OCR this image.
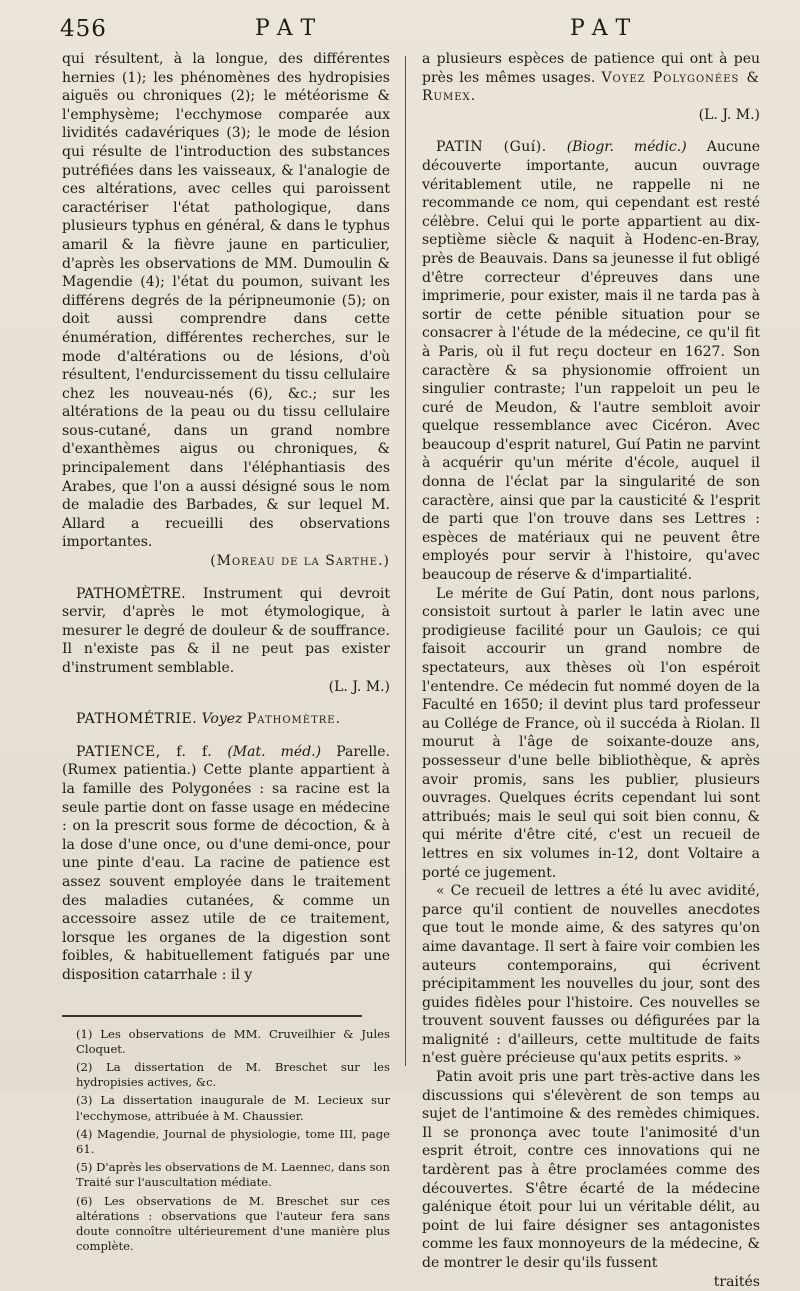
456	PAT	PAT

qui résultent, à la longue, des différentes hernies (1); les phénomènes des hydropisies aiguës ou chroniques (2); le météorisme & l'emphysème; l'ecchymose comparée aux lividités cadavériques (3); le mode de lésion qui résulte de l'introduction des substances putréfiées dans les vaisseaux, & l'analogie de ces altérations, avec celles qui paroissent caractériser l'état pathologique, dans plusieurs typhus en général, & dans le typhus amaril & la fièvre jaune en particulier, d'après les observations de MM. Dumoulin & Magendie (4); l'état du poumon, suivant les différens degrés de la péripneumonie (5); on doit aussi comprendre dans cette énumération, différentes recherches, sur le mode d'altérations ou de lésions, d'où résultent, l'endurcissement du tissu cellulaire chez les nouveau-nés (6), &c.; sur les altérations de la peau ou du tissu cellulaire sous-cutané, dans un grand nombre d'exanthèmes aigus ou chroniques, & principalement dans l'éléphantiasis des Arabes, que l'on a aussi désigné sous le nom de maladie des Barbades, & sur lequel M. Allard a recueilli des observations importantes.

(Moreau de la Sarthe.)

PATHOMÈTRE. Instrument qui devroit servir, d'après le mot étymologique, à mesurer le degré de douleur & de souffrance. Il n'existe pas & il ne peut pas exister d'instrument semblable.

(L. J. M.)

PATHOMÉTRIE. Voyez Pathomètre.

PATIENCE, f. f. (Mat. méd.) Parelle. (Rumex patientia.) Cette plante appartient à la famille des Polygonées : sa racine est la seule partie dont on fasse usage en médecine : on la prescrit sous forme de décoction, & à la dose d'une once, ou d'une demi-once, pour une pinte d'eau. La racine de patience est assez souvent employée dans le traitement des maladies cutanées, & comme un accessoire assez utile de ce traitement, lorsque les organes de la digestion sont foibles, & habituellement fatigués par une disposition catarrhale : il y

(1) Les observations de MM. Cruveilhier & Jules Cloquet.

(2) La dissertation de M. Breschet sur les hydropisies actives, &c.

(3) La dissertation inaugurale de M. Lecieux sur l'ecchymose, attribuée à M. Chaussier.

(4) Magendie, Journal de physiologie, tome III, page 61.

(5) D'après les observations de M. Laennec, dans son Traité sur l'auscultation médiate.

(6) Les observations de M. Breschet sur ces altérations : observations que l'auteur fera sans doute connoître ultérieurement d'une manière plus complète.

a plusieurs espèces de patience qui ont à peu près les mêmes usages. Voyez Polygonées & Rumex.

(L. J. M.)

PATIN (Guí). (Biogr. médic.) Aucune découverte importante, aucun ouvrage véritablement utile, ne rappelle ni ne recommande ce nom, qui cependant est resté célèbre. Celui qui le porte appartient au dix-septième siècle & naquit à Hodenc-en-Bray, près de Beauvais. Dans sa jeunesse il fut obligé d'être correcteur d'épreuves dans une imprimerie, pour exister, mais il ne tarda pas à sortir de cette pénible situation pour se consacrer à l'étude de la médecine, ce qu'il fit à Paris, où il fut reçu docteur en 1627. Son caractère & sa physionomie offroient un singulier contraste; l'un rappeloit un peu le curé de Meudon, & l'autre sembloit avoir quelque ressemblance avec Cicéron. Avec beaucoup d'esprit naturel, Guí Patin ne parvint à acquérir qu'un mérite d'école, auquel il donna de l'éclat par la singularité de son caractère, ainsi que par la causticité & l'esprit de parti que l'on trouve dans ses Lettres : espèces de matériaux qui ne peuvent être employés pour servir à l'histoire, qu'avec beaucoup de réserve & d'impartialité.

Le mérite de Guí Patin, dont nous parlons, consistoit surtout à parler le latin avec une prodigieuse facilité pour un Gaulois; ce qui faisoit accourir un grand nombre de spectateurs, aux thèses où l'on espéroit l'entendre. Ce médecin fut nommé doyen de la Faculté en 1650; il devint plus tard professeur au Collége de France, où il succéda à Riolan. Il mourut à l'âge de soixante-douze ans, possesseur d'une belle bibliothèque, & après avoir promis, sans les publier, plusieurs ouvrages. Quelques écrits cependant lui sont attribués; mais le seul qui soit bien connu, & qui mérite d'être cité, c'est un recueil de lettres en six volumes in-12, dont Voltaire a porté ce jugement.

« Ce recueil de lettres a été lu avec avidité, parce qu'il contient de nouvelles anecdotes que tout le monde aime, & des satyres qu'on aime davantage. Il sert à faire voir combien les auteurs contemporains, qui écrivent précipitamment les nouvelles du jour, sont des guides fidèles pour l'histoire. Ces nouvelles se trouvent souvent fausses ou défigurées par la malignité : d'ailleurs, cette multitude de faits n'est guère précieuse qu'aux petits esprits. »

Patin avoit pris une part très-active dans les discussions qui s'élevèrent de son temps au sujet de l'antimoine & des remèdes chimiques. Il se prononça avec toute l'animosité d'un esprit étroit, contre ces innovations qui ne tardèrent pas à être proclamées comme des découvertes. S'être écarté de la médecine galénique étoit pour lui un véritable délit, au point de lui faire désigner ses antagonistes comme les faux monnoyeurs de la médecine, & de montrer le desir qu'ils fussent

traités
